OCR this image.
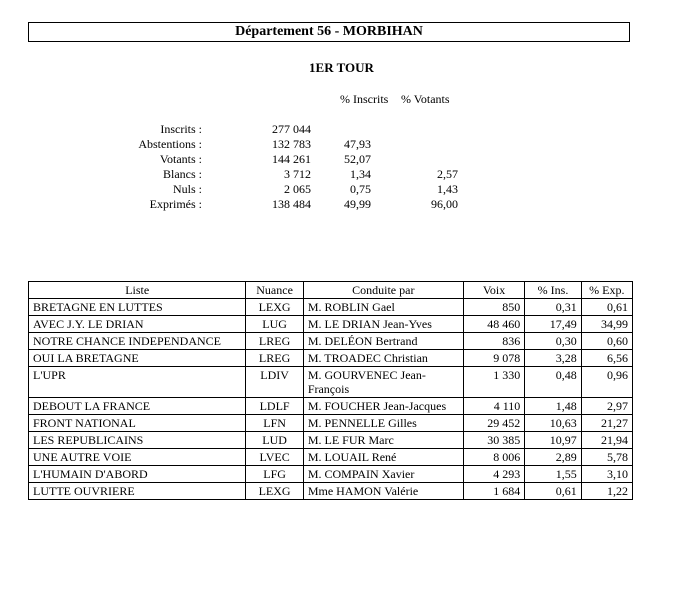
Département 56 - MORBIHAN
1ER TOUR
% Inscrits % Votants
Inscrits :	277 044
Abstentions :	132 783	47,93
Votants :	144 261	52,07
Blancs :	3 712	1,34	2,57
Nuls :	2 065	0,75	1,43
Exprimés :	138 484	49,99	96,00
Liste	Nuance	Conduite par	Voix	% Ins.	% Exp.
BRETAGNE EN LUTTES	LEXG	M. ROBLIN Gael	850	0,31	0,61
AVEC J.Y. LE DRIAN	LUG	M. LE DRIAN Jean-Yves	48 460	17,49	34,99
NOTRE CHANCE INDEPENDANCE	LREG	M. DELÉON Bertrand	836	0,30	0,60
OUI LA BRETAGNE	LREG	M. TROADEC Christian	9 078	3,28	6,56
L'UPR	LDIV	M. GOURVENEC Jean-François	1 330	0,48	0,96
DEBOUT LA FRANCE	LDLF	M. FOUCHER Jean-Jacques	4 110	1,48	2,97
FRONT NATIONAL	LFN	M. PENNELLE Gilles	29 452	10,63	21,27
LES REPUBLICAINS	LUD	M. LE FUR Marc	30 385	10,97	21,94
UNE AUTRE VOIE	LVEC	M. LOUAIL René	8 006	2,89	5,78
L'HUMAIN D'ABORD	LFG	M. COMPAIN Xavier	4 293	1,55	3,10
LUTTE OUVRIERE	LEXG	Mme HAMON Valérie	1 684	0,61	1,22
